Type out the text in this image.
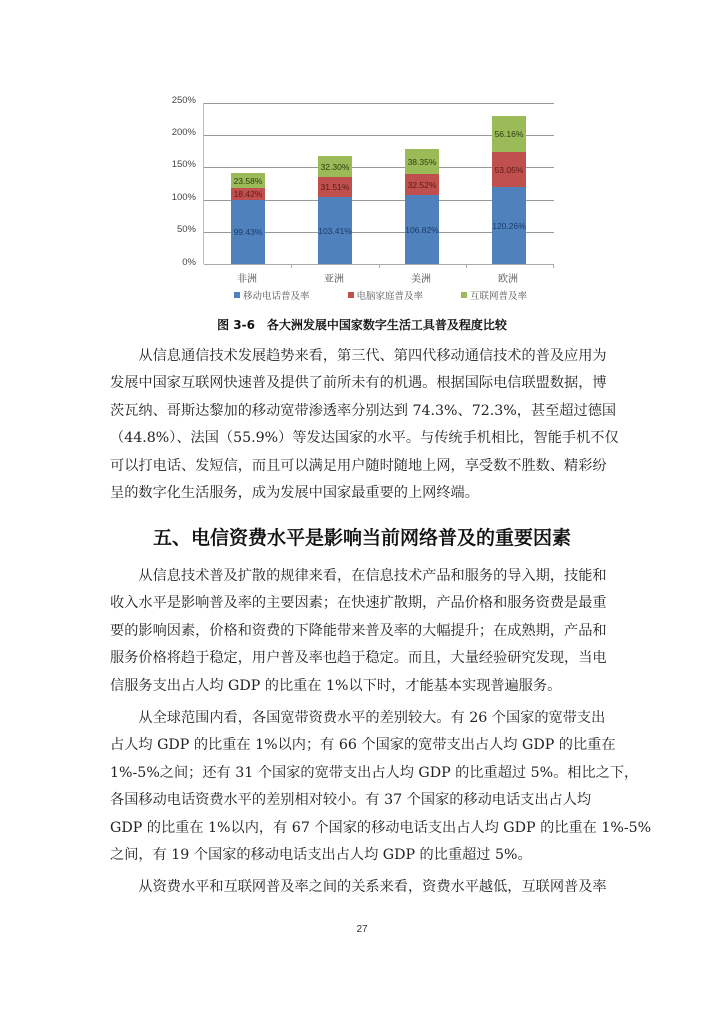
250%
200%
150%
100%
50%
0%
99.43%
18.42%
23.58%
103.41%
31.51%
32.30%
106.82%
32.52%
38.35%
120.26%
53.05%
56.16%
非洲	亚洲	美洲	欧洲
移动电话普及率	电脑家庭普及率	互联网普及率
图 3-6　各大洲发展中国家数字生活工具普及程度比较
　　从信息通信技术发展趋势来看，第三代、第四代移动通信技术的普及应用为
发展中国家互联网快速普及提供了前所未有的机遇。根据国际电信联盟数据，博
茨瓦纳、哥斯达黎加的移动宽带渗透率分别达到 74.3%、72.3%，甚至超过德国
（44.8%）、法国（55.9%）等发达国家的水平。与传统手机相比，智能手机不仅
可以打电话、发短信，而且可以满足用户随时随地上网，享受数不胜数、精彩纷
呈的数字化生活服务，成为发展中国家最重要的上网终端。
五、电信资费水平是影响当前网络普及的重要因素
　　从信息技术普及扩散的规律来看，在信息技术产品和服务的导入期，技能和
收入水平是影响普及率的主要因素；在快速扩散期，产品价格和服务资费是最重
要的影响因素，价格和资费的下降能带来普及率的大幅提升；在成熟期，产品和
服务价格将趋于稳定，用户普及率也趋于稳定。而且，大量经验研究发现，当电
信服务支出占人均 GDP 的比重在 1%以下时，才能基本实现普遍服务。
　　从全球范围内看，各国宽带资费水平的差别较大。有 26 个国家的宽带支出
占人均 GDP 的比重在 1%以内；有 66 个国家的宽带支出占人均 GDP 的比重在
1%-5%之间；还有 31 个国家的宽带支出占人均 GDP 的比重超过 5%。相比之下，
各国移动电话资费水平的差别相对较小。有 37 个国家的移动电话支出占人均
GDP 的比重在 1%以内，有 67 个国家的移动电话支出占人均 GDP 的比重在 1%-5%
之间，有 19 个国家的移动电话支出占人均 GDP 的比重超过 5%。
　　从资费水平和互联网普及率之间的关系来看，资费水平越低，互联网普及率
27
